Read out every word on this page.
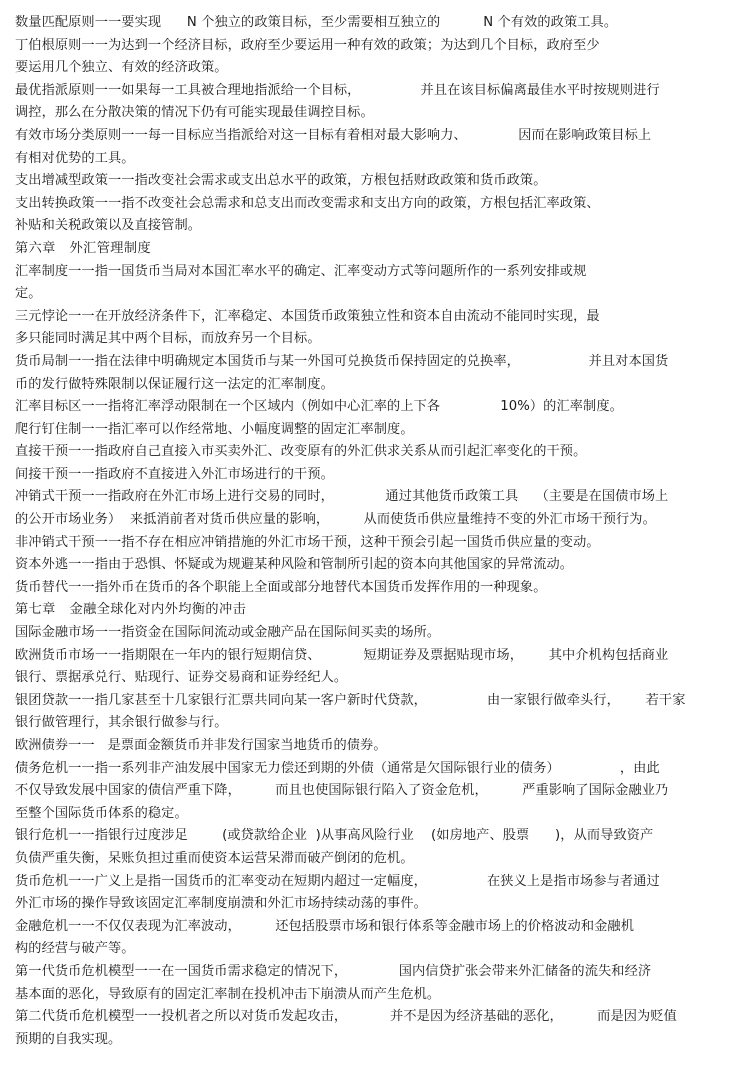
数量匹配原则一一要实现      N 个独立的政策目标，至少需要相互独立的          N 个有效的政策工具。
丁伯根原则一一为达到一个经济目标，政府至少要运用一种有效的政策；为达到几个目标，政府至少
要运用几个独立、有效的经济政策。
最优指派原则一一如果每一工具被合理地指派给一个目标，              并且在该目标偏离最佳水平时按规则进行
调控，那么在分散决策的情况下仍有可能实现最佳调控目标。
有效市场分类原则一一每一目标应当指派给对这一目标有着相对最大影响力、            因而在影响政策目标上
有相对优势的工具。
支出增减型政策一一指改变社会需求或支出总水平的政策，方根包括财政政策和货币政策。
支出转换政策一一指不改变社会总需求和总支出而改变需求和支出方向的政策，方根包括汇率政策、
补贴和关税政策以及直接管制。
第六章   外汇管理制度
汇率制度一一指一国货币当局对本国汇率水平的确定、汇率变动方式等问题所作的一系列安排或规
定。
三元悖论一一在开放经济条件下，汇率稳定、本国货币政策独立性和资本自由流动不能同时实现，最
多只能同时满足其中两个目标，而放弃另一个目标。
货币局制一一指在法律中明确规定本国货币与某一外国可兑换货币保持固定的兑换率，                并且对本国货
币的发行做特殊限制以保证履行这一法定的汇率制度。
汇率目标区一一指将汇率浮动限制在一个区域内（例如中心汇率的上下各              10%）的汇率制度。
爬行钉住制一一指汇率可以作经常地、小幅度调整的固定汇率制度。
直接干预一一指政府自己直接入市买卖外汇、改变原有的外汇供求关系从而引起汇率变化的干预。
间接干预一一指政府不直接进入外汇市场进行的干预。
冲销式干预一一指政府在外汇市场上进行交易的同时，            通过其他货币政策工具    （主要是在国债市场上
的公开市场业务）  来抵消前者对货币供应量的影响，        从而使货币供应量维持不变的外汇市场干预行为。
非冲销式干预一一指不存在相应冲销措施的外汇市场干预，这种干预会引起一国货币供应量的变动。
资本外逃一一指由于恐惧、怀疑或为规避某种风险和管制所引起的资本向其他国家的异常流动。
货币替代一一指外币在货币的各个职能上全面或部分地替代本国货币发挥作用的一种现象。
第七章   金融全球化对内外均衡的冲击
国际金融市场一一指资金在国际间流动或金融产品在国际间买卖的场所。
欧洲货币市场一一指期限在一年内的银行短期信贷、          短期证券及票据贴现市场，      其中介机构包括商业
银行、票据承兑行、贴现行、证券交易商和证券经纪人。
银团贷款一一指几家甚至十几家银行汇票共同向某一客户新时代贷款，              由一家银行做牵头行，      若干家
银行做管理行，其余银行做参与行。
欧洲债券一一   是票面金额货币并非发行国家当地货币的债券。
债务危机一一指一系列非产油发展中国家无力偿还到期的外债（通常是欠国际银行业的债务）              ，由此
不仅导致发展中国家的债信严重下降，        而且也使国际银行陷入了资金危机，        严重影响了国际金融业乃
至整个国际货币体系的稳定。
银行危机一一指银行过度涉足        (或贷款给企业  )从事高风险行业    (如房地产、股票      )，从而导致资产
负债严重失衡，呆账负担过重而使资本运营呆滞而破产倒闭的危机。
货币危机一一广义上是指一国货币的汇率变动在短期内超过一定幅度，              在狭义上是指市场参与者通过
外汇市场的操作导致该固定汇率制度崩溃和外汇市场持续动荡的事件。
金融危机一一不仅仅表现为汇率波动，        还包括股票市场和银行体系等金融市场上的价格波动和金融机
构的经营与破产等。
第一代货币危机模型一一在一国货币需求稳定的情况下，            国内信贷扩张会带来外汇储备的流失和经济
基本面的恶化，导致原有的固定汇率制在投机冲击下崩溃从而产生危机。
第二代货币危机模型一一投机者之所以对货币发起攻击，          并不是因为经济基础的恶化，        而是因为贬值
预期的自我实现。
